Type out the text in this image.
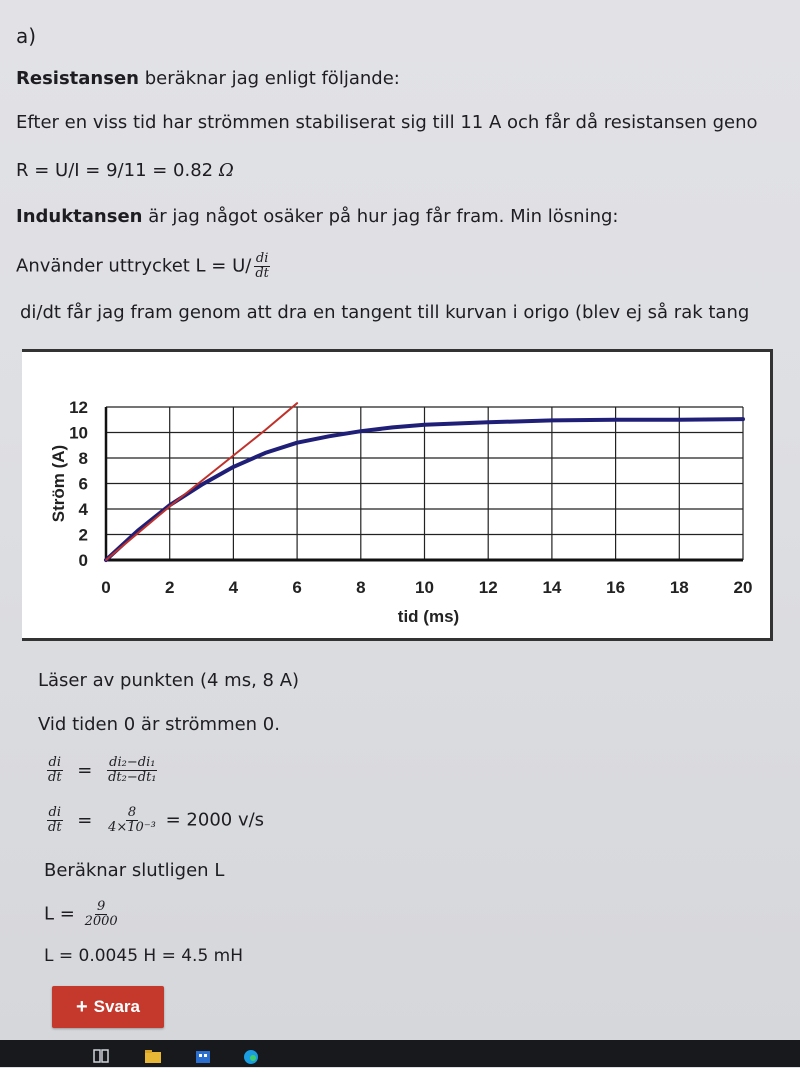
a)
Resistansen beräknar jag enligt följande:
Efter en viss tid har strömmen stabiliserat sig till 11 A och får då resistansen geno
R = U/I = 9/11 = 0.82 Ω
Induktansen är jag något osäker på hur jag får fram. Min lösning:
Använder uttrycket $L = U/ \frac{di}{dt}$
di/dt får jag fram genom att dra en tangent till kurvan i origo (blev ej så rak tang
0	2	4	6	8	10	12	14	16	18	20
0
2
4
6
8
10
12
tid (ms)
Ström (A)
Läser av punkten (4 ms, 8 A)
Vid tiden 0 är strömmen 0.
$\frac{di}{dt} = \frac{\text{di₂−di₁}}{\text{dt₂−dt₁}}$
$\frac{di}{dt} = \frac{8}{\text{4×10⁻³}} = 2000$ v/s
Beräknar slutligen L
$L = \frac{9}{2000}$
L = 0.0045 H = 4.5 mH
+ Svara
